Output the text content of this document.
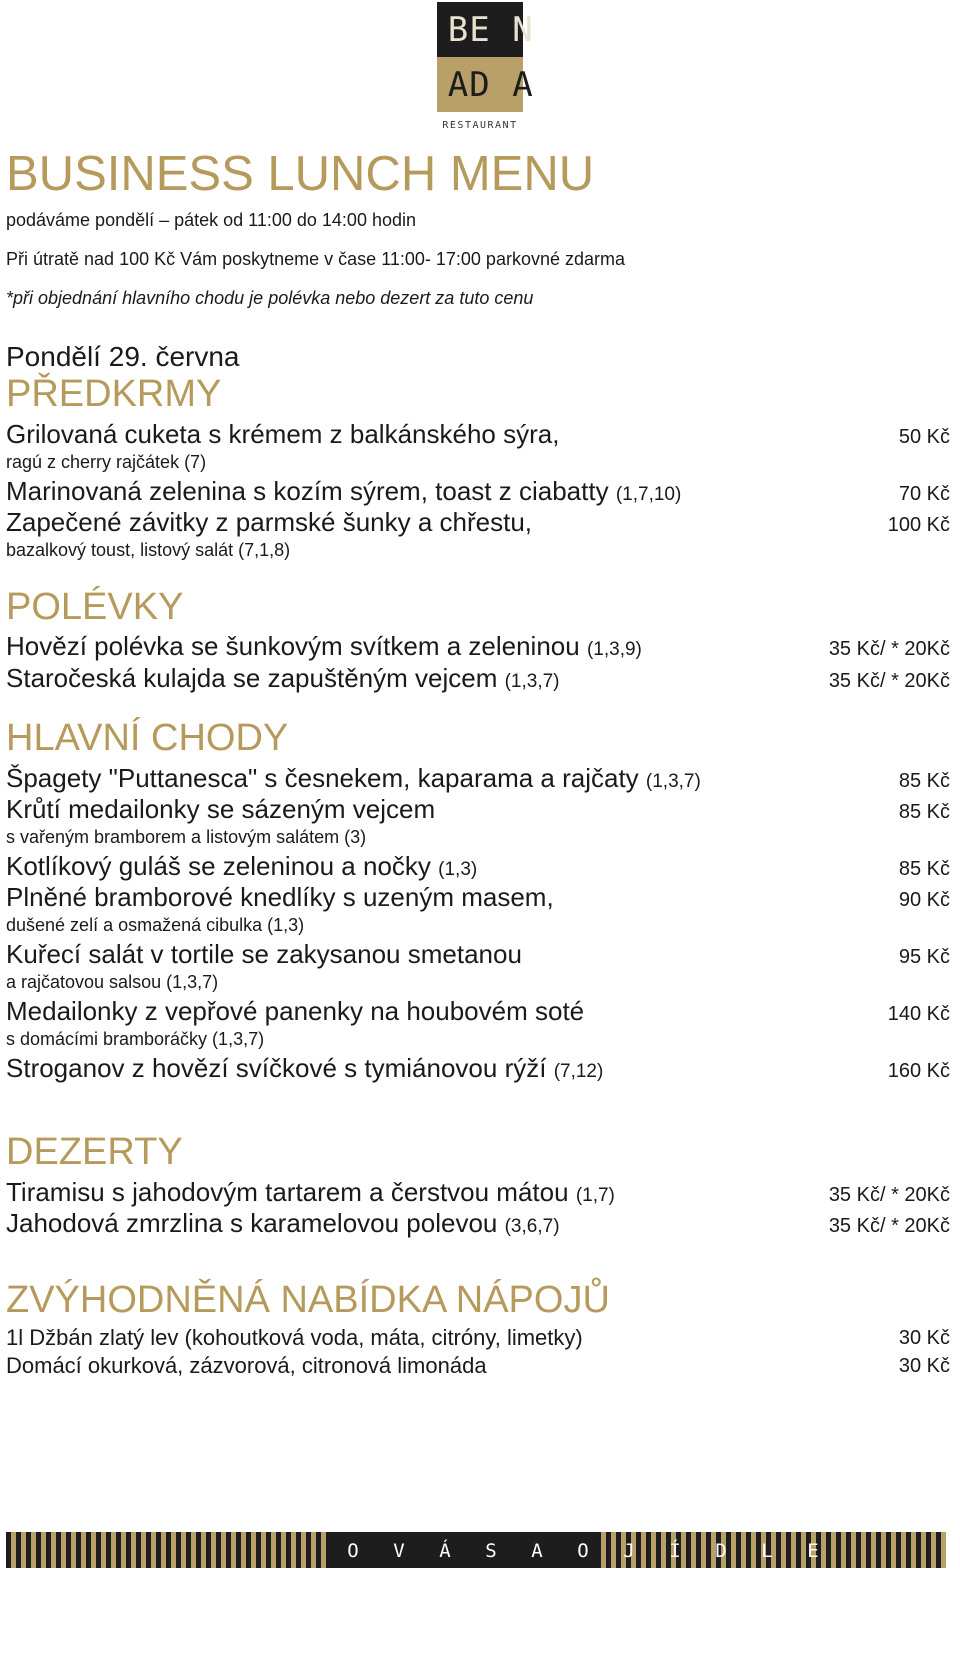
B E
  N
A D
  A
RESTAURANT
BUSINESS LUNCH MENU
podáváme pondělí – pátek od 11:00 do 14:00 hodin
Při útratě nad 100 Kč Vám poskytneme v čase 11:00- 17:00 parkovné zdarma
*při objednání hlavního chodu je polévka nebo dezert za tuto cenu
Pondělí 29. června
PŘEDKRMY
Grilovaná cuketa s krémem z balkánského sýra,	50 Kč
ragú z cherry rajčátek (7)
Marinovaná zelenina s kozím sýrem, toast z ciabatty (1,7,10)	70 Kč
Zapečené závitky z parmské šunky a chřestu,	100 Kč
bazalkový toust, listový salát (7,1,8)
POLÉVKY
Hovězí polévka se šunkovým svítkem a zeleninou (1,3,9)	35 Kč/ * 20Kč
Staročeská kulajda se zapuštěným vejcem (1,3,7)	35 Kč/ * 20Kč
HLAVNÍ CHODY
Špagety "Puttanesca" s česnekem, kaparama a rajčaty (1,3,7)	85 Kč
Krůtí medailonky se sázeným vejcem	85 Kč
s vařeným bramborem a listovým salátem (3)
Kotlíkový guláš se zeleninou a nočky (1,3)	85 Kč
Plněné bramborové knedlíky s uzeným masem,	90 Kč
dušené zelí a osmažená cibulka (1,3)
Kuřecí salát v tortile se zakysanou smetanou	95 Kč
a rajčatovou salsou (1,3,7)
Medailonky z vepřové panenky na houbovém soté	140 Kč
s domácími bramboráčky (1,3,7)
Stroganov z hovězí svíčkové s tymiánovou rýží (7,12)	160 Kč
DEZERTY
Tiramisu s jahodovým tartarem a čerstvou mátou (1,7)	35 Kč/ * 20Kč
Jahodová zmrzlina s karamelovou polevou (3,6,7)	35 Kč/ * 20Kč
ZVÝHODNĚNÁ NABÍDKA NÁPOJŮ
1l Džbán zlatý lev (kohoutková voda, máta, citróny, limetky)	30 Kč
Domácí okurková, zázvorová, citronová limonáda	30 Kč
O V Á S A O J Í D L E
